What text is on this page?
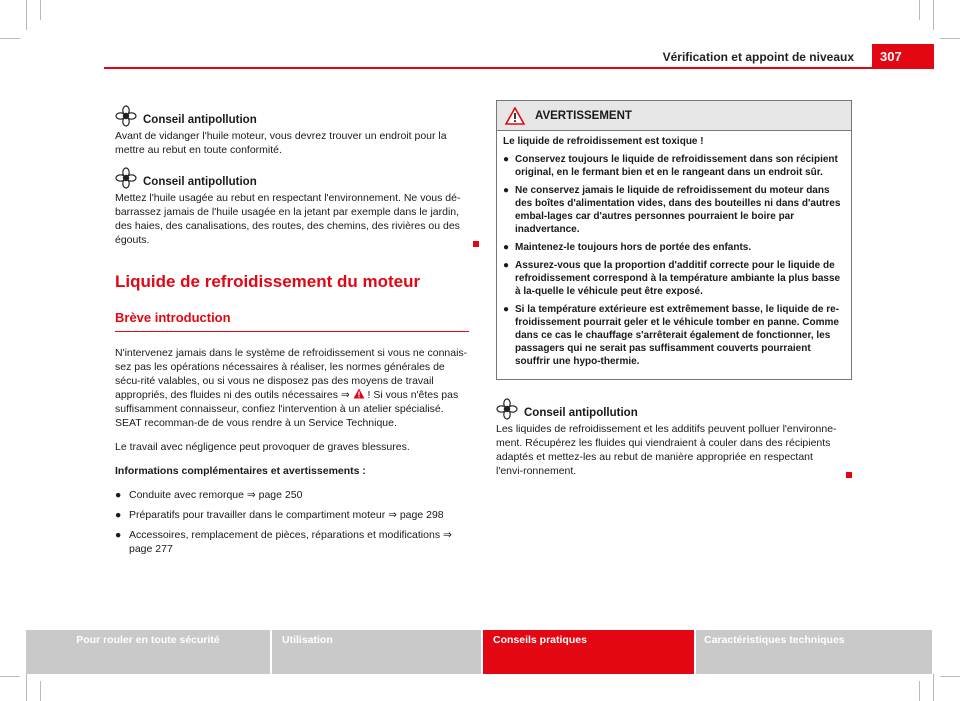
Vérification et appoint de niveaux	307
Conseil antipollution
Avant de vidanger l'huile moteur, vous devrez trouver un endroit pour la mettre au rebut en toute conformité.
Conseil antipollution
Mettez l'huile usagée au rebut en respectant l'environnement. Ne vous dé-barrassez jamais de l'huile usagée en la jetant par exemple dans le jardin, des haies, des canalisations, des routes, des chemins, des rivières ou des égouts.
Liquide de refroidissement du moteur
Brève introduction
N'intervenez jamais dans le système de refroidissement si vous ne connais-sez pas les opérations nécessaires à réaliser, les normes générales de sécu-rité valables, ou si vous ne disposez pas des moyens de travail appropriés, des fluides ni des outils nécessaires ⇒ ! Si vous n'êtes pas suffisamment connaisseur, confiez l'intervention à un atelier spécialisé. SEAT recomman-de de vous rendre à un Service Technique.
Le travail avec négligence peut provoquer de graves blessures.
Informations complémentaires et avertissements :
● Conduite avec remorque ⇒ page 250
● Préparatifs pour travailler dans le compartiment moteur ⇒ page 298
● Accessoires, remplacement de pièces, réparations et modifications ⇒ page 277
AVERTISSEMENT

Le liquide de refroidissement est toxique !

● Conservez toujours le liquide de refroidissement dans son récipient original, en le fermant bien et en le rangeant dans un endroit sûr.
● Ne conservez jamais le liquide de refroidissement du moteur dans des boîtes d'alimentation vides, dans des bouteilles ni dans d'autres embal-lages car d'autres personnes pourraient le boire par inadvertance.
● Maintenez-le toujours hors de portée des enfants.
● Assurez-vous que la proportion d'additif correcte pour le liquide de refroidissement correspond à la température ambiante la plus basse à la-quelle le véhicule peut être exposé.
● Si la température extérieure est extrêmement basse, le liquide de re-froidissement pourrait geler et le véhicule tomber en panne. Comme dans ce cas le chauffage s'arrêterait également de fonctionner, les passagers qui ne serait pas suffisamment couverts pourraient souffrir une hypo-thermie.
Conseil antipollution
Les liquides de refroidissement et les additifs peuvent polluer l'environne-ment. Récupérez les fluides qui viendraient à couler dans des récipients adaptés et mettez-les au rebut de manière appropriée en respectant l'envi-ronnement.
Pour rouler en toute sécurité	Utilisation	Conseils pratiques	Caractéristiques techniques
